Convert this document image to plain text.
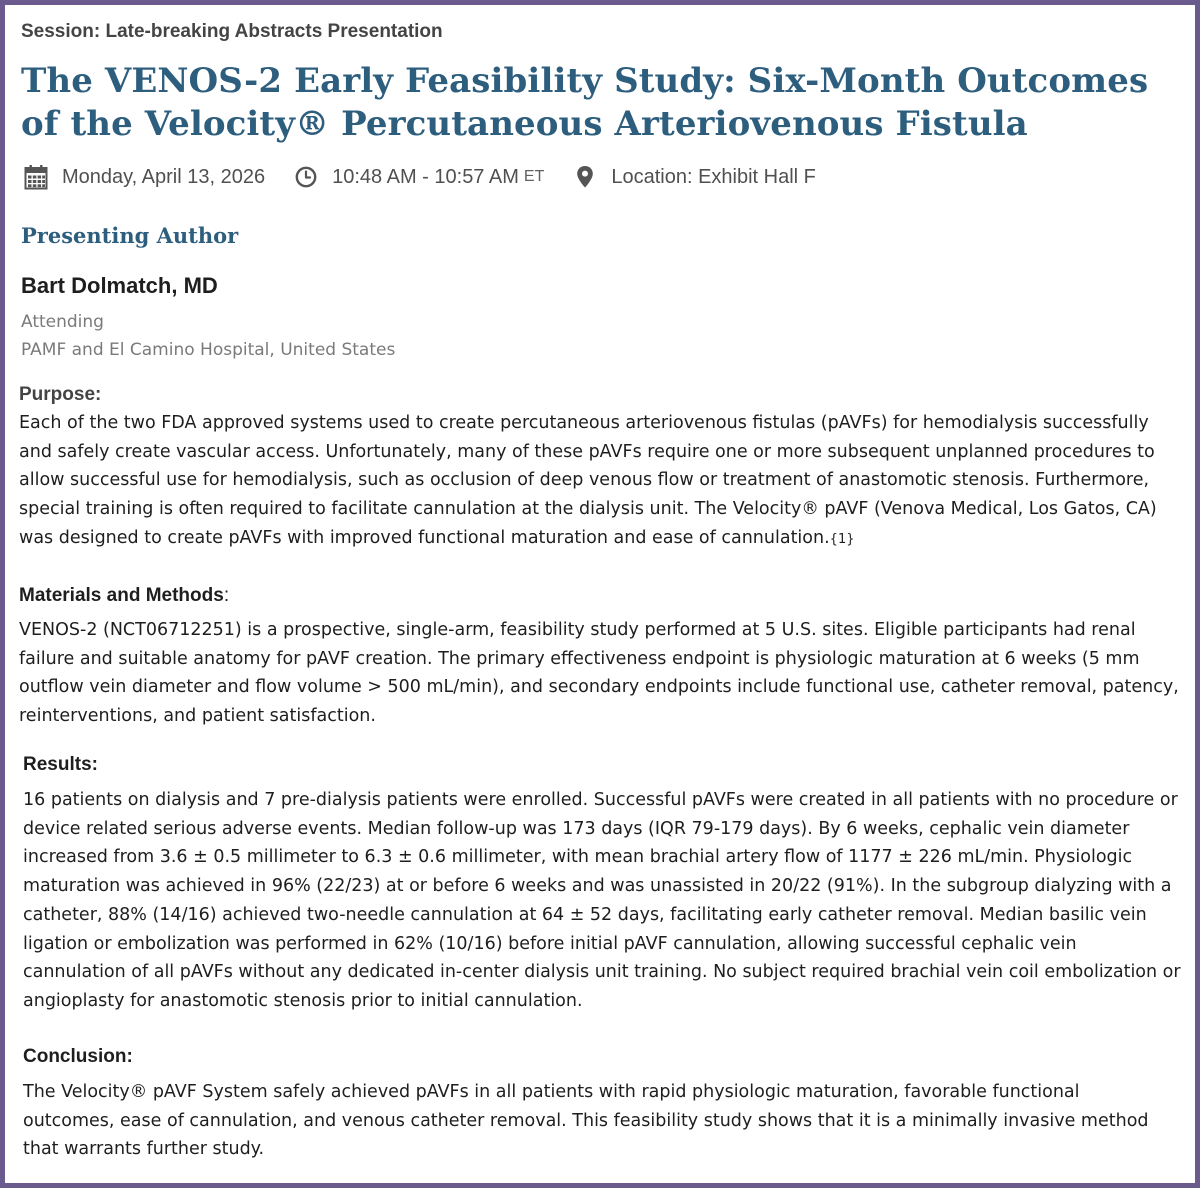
Session: Late-breaking Abstracts Presentation
The VENOS-2 Early Feasibility Study: Six-Month Outcomes of the Velocity® Percutaneous Arteriovenous Fistula
Monday, April 13, 2026	10:48 AM - 10:57 AM ET	Location: Exhibit Hall F
Presenting Author
Bart Dolmatch, MD
Attending
PAMF and El Camino Hospital, United States
Purpose:

Each of the two FDA approved systems used to create percutaneous arteriovenous fistulas (pAVFs) for hemodialysis successfully and safely create vascular access. Unfortunately, many of these pAVFs require one or more subsequent unplanned procedures to allow successful use for hemodialysis, such as occlusion of deep venous flow or treatment of anastomotic stenosis. Furthermore, special training is often required to facilitate cannulation at the dialysis unit. The Velocity® pAVF (Venova Medical, Los Gatos, CA) was designed to create pAVFs with improved functional maturation and ease of cannulation.{1}

Materials and Methods:

VENOS-2 (NCT06712251) is a prospective, single-arm, feasibility study performed at 5 U.S. sites. Eligible participants had renal failure and suitable anatomy for pAVF creation. The primary effectiveness endpoint is physiologic maturation at 6 weeks (5 mm outflow vein diameter and flow volume > 500 mL/min), and secondary endpoints include functional use, catheter removal, patency, reinterventions, and patient satisfaction.

Results:

16 patients on dialysis and 7 pre-dialysis patients were enrolled. Successful pAVFs were created in all patients with no procedure or device related serious adverse events. Median follow-up was 173 days (IQR 79-179 days). By 6 weeks, cephalic vein diameter increased from 3.6 ± 0.5 millimeter to 6.3 ± 0.6 millimeter, with mean brachial artery flow of 1177 ± 226 mL/min. Physiologic maturation was achieved in 96% (22/23) at or before 6 weeks and was unassisted in 20/22 (91%). In the subgroup dialyzing with a catheter, 88% (14/16) achieved two-needle cannulation at 64 ± 52 days, facilitating early catheter removal. Median basilic vein ligation or embolization was performed in 62% (10/16) before initial pAVF cannulation, allowing successful cephalic vein cannulation of all pAVFs without any dedicated in-center dialysis unit training. No subject required brachial vein coil embolization or angioplasty for anastomotic stenosis prior to initial cannulation.

Conclusion:

The Velocity® pAVF System safely achieved pAVFs in all patients with rapid physiologic maturation, favorable functional outcomes, ease of cannulation, and venous catheter removal. This feasibility study shows that it is a minimally invasive method that warrants further study.
